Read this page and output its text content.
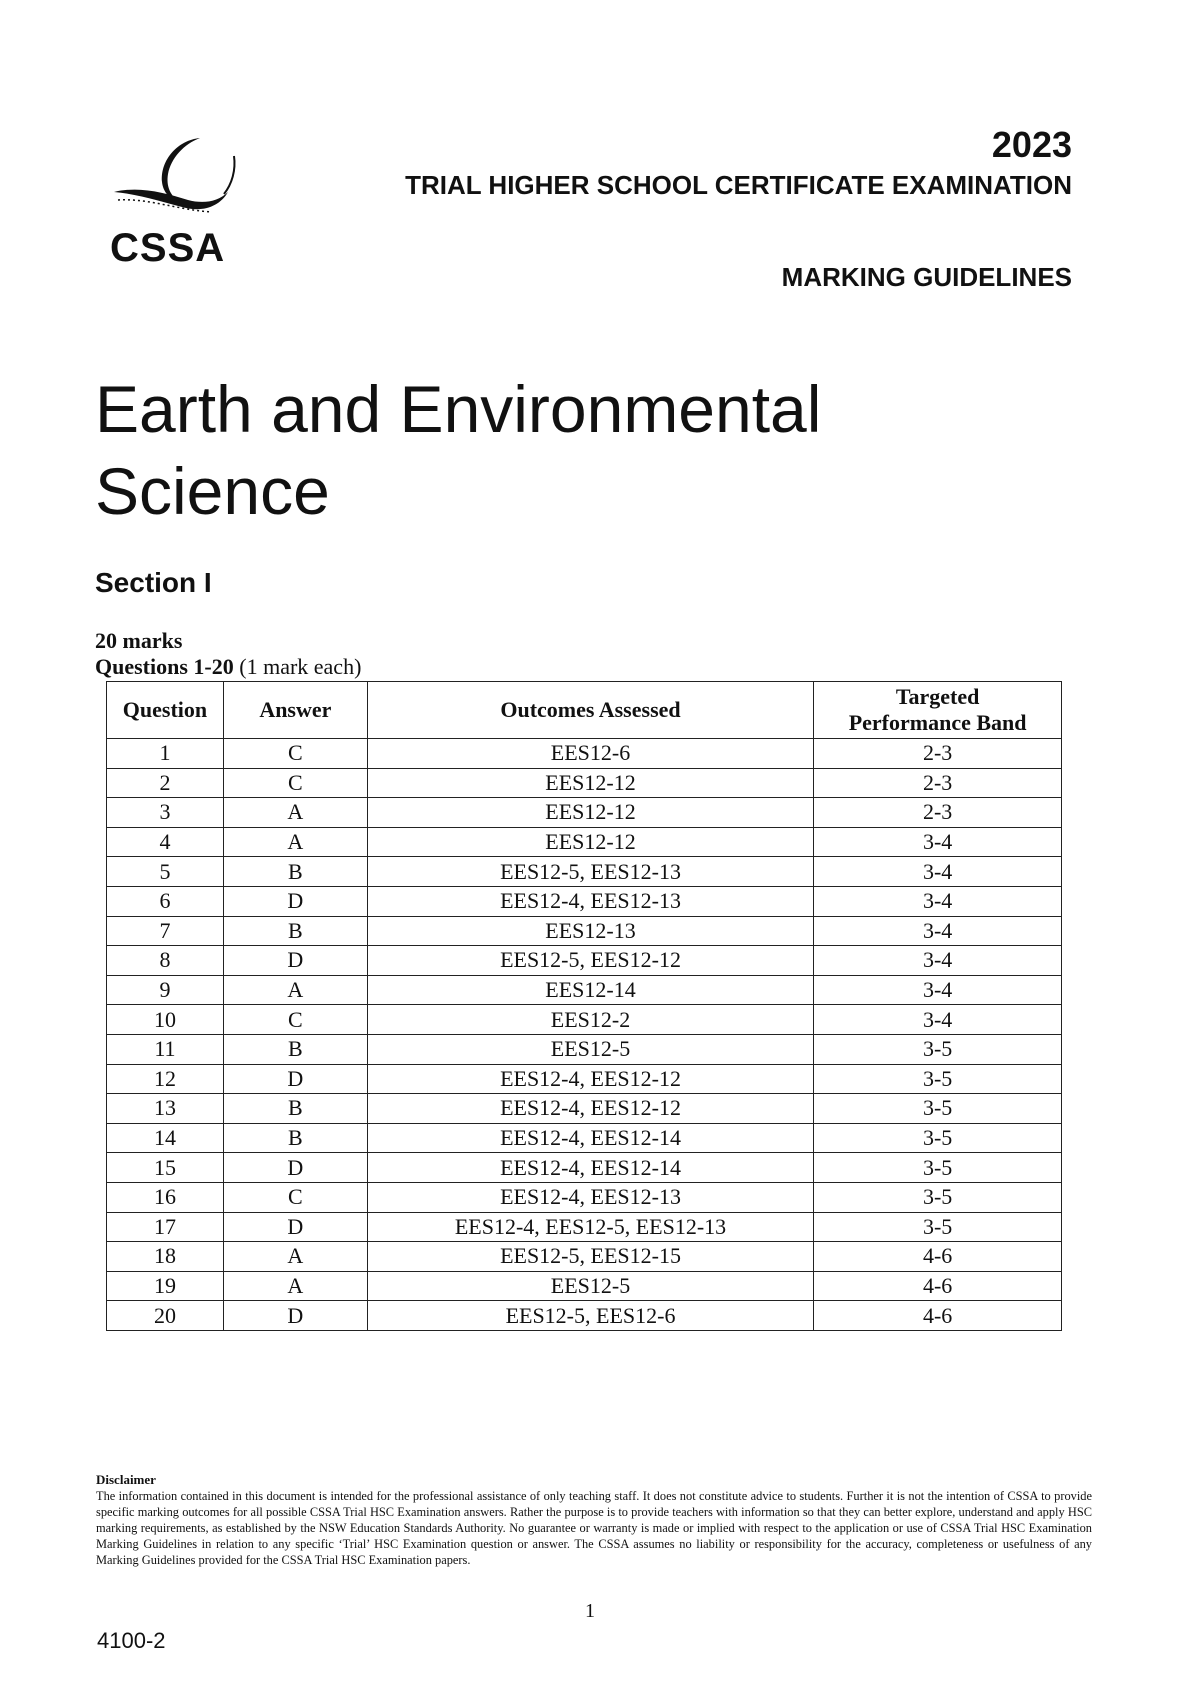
CSSA
2023
TRIAL HIGHER SCHOOL CERTIFICATE EXAMINATION
MARKING GUIDELINES
Earth and Environmental
Science
Section I
20 marks
Questions 1-20 (1 mark each)
Question	Answer	Outcomes Assessed	Targeted
Performance Band

1	C	EES12-6	2-3
2	C	EES12-12	2-3
3	A	EES12-12	2-3
4	A	EES12-12	3-4
5	B	EES12-5, EES12-13	3-4
6	D	EES12-4, EES12-13	3-4
7	B	EES12-13	3-4
8	D	EES12-5, EES12-12	3-4
9	A	EES12-14	3-4
10	C	EES12-2	3-4
11	B	EES12-5	3-5
12	D	EES12-4, EES12-12	3-5
13	B	EES12-4, EES12-12	3-5
14	B	EES12-4, EES12-14	3-5
15	D	EES12-4, EES12-14	3-5
16	C	EES12-4, EES12-13	3-5
17	D	EES12-4, EES12-5, EES12-13	3-5
18	A	EES12-5, EES12-15	4-6
19	A	EES12-5	4-6
20	D	EES12-5, EES12-6	4-6
Disclaimer
The information contained in this document is intended for the professional assistance of only teaching staff. It does not constitute advice to students. Further it is not the intention of CSSA to provide specific marking outcomes for all possible CSSA Trial HSC Examination answers. Rather the purpose is to provide teachers with information so that they can better explore, understand and apply HSC marking requirements, as established by the NSW Education Standards Authority. No guarantee or warranty is made or implied with respect to the application or use of CSSA Trial HSC Examination Marking Guidelines in relation to any specific ‘Trial’ HSC Examination question or answer. The CSSA assumes no liability or responsibility for the accuracy, completeness or usefulness of any Marking Guidelines provided for the CSSA Trial HSC Examination papers.
1
4100-2
